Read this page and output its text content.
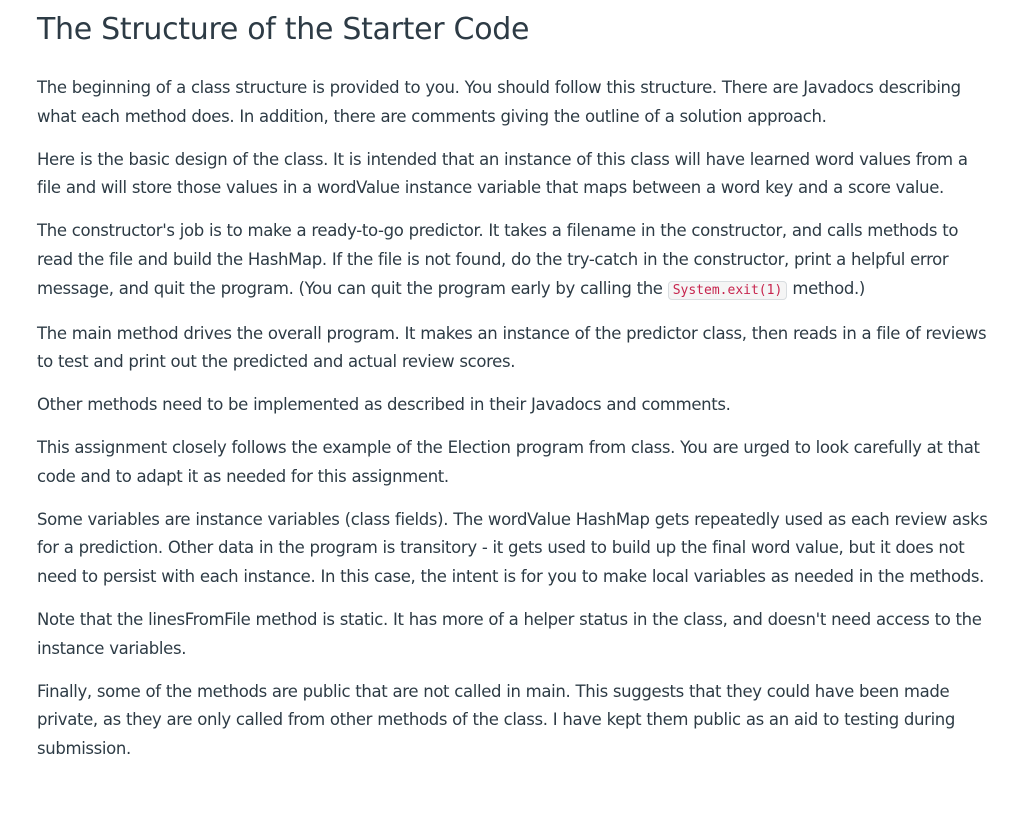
The Structure of the Starter Code

The beginning of a class structure is provided to you. You should follow this structure. There are Javadocs describing what each method does. In addition, there are comments giving the outline of a solution approach.

Here is the basic design of the class. It is intended that an instance of this class will have learned word values from a file and will store those values in a wordValue instance variable that maps between a word key and a score value.

The constructor's job is to make a ready-to-go predictor. It takes a filename in the constructor, and calls methods to read the file and build the HashMap. If the file is not found, do the try-catch in the constructor, print a helpful error message, and quit the program. (You can quit the program early by calling the System.exit(1) method.)

The main method drives the overall program. It makes an instance of the predictor class, then reads in a file of reviews to test and print out the predicted and actual review scores.

Other methods need to be implemented as described in their Javadocs and comments.

This assignment closely follows the example of the Election program from class. You are urged to look carefully at that code and to adapt it as needed for this assignment.

Some variables are instance variables (class fields). The wordValue HashMap gets repeatedly used as each review asks for a prediction. Other data in the program is transitory - it gets used to build up the final word value, but it does not need to persist with each instance. In this case, the intent is for you to make local variables as needed in the methods.

Note that the linesFromFile method is static. It has more of a helper status in the class, and doesn't need access to the instance variables.

Finally, some of the methods are public that are not called in main. This suggests that they could have been made private, as they are only called from other methods of the class. I have kept them public as an aid to testing during submission.
